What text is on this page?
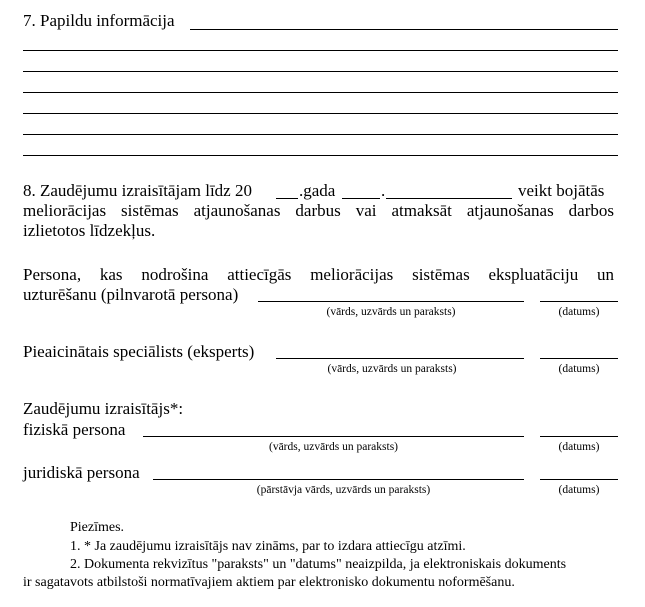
7. Papildu informācija
8. Zaudējumu izraisītājam līdz 20	.gada	.	veikt bojātās
meliorācijas sistēmas atjaunošanas darbus vai atmaksāt atjaunošanas darbos
izlietotos līdzekļus.
Persona, kas nodrošina attiecīgās meliorācijas sistēmas ekspluatāciju un
uzturēšanu (pilnvarotā persona)
(vārds, uzvārds un paraksts)	(datums)
Pieaicinātais speciālists (eksperts)
(vārds, uzvārds un paraksts)	(datums)
Zaudējumu izraisītājs*:
fiziskā persona
(vārds, uzvārds un paraksts)	(datums)
juridiskā persona
(pārstāvja vārds, uzvārds un paraksts)	(datums)
Piezīmes.
1. * Ja zaudējumu izraisītājs nav zināms, par to izdara attiecīgu atzīmi.
2. Dokumenta rekvizītus "paraksts" un "datums" neaizpilda, ja elektroniskais dokuments
ir sagatavots atbilstoši normatīvajiem aktiem par elektronisko dokumentu noformēšanu.
